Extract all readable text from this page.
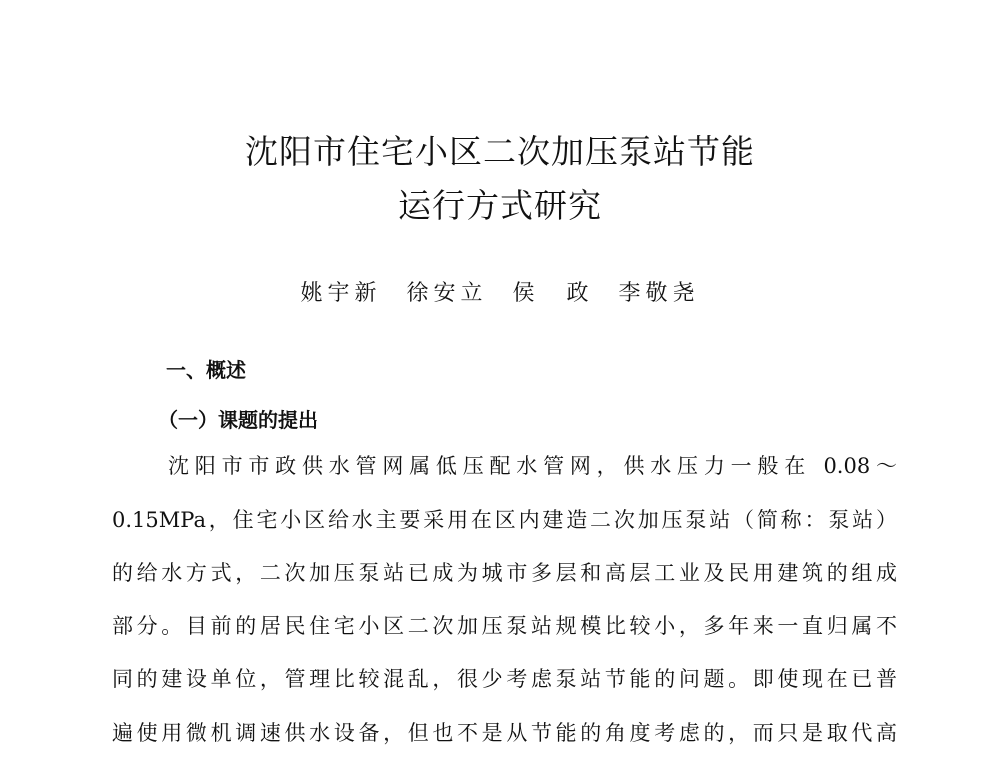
沈阳市住宅小区二次加压泵站节能
运行方式研究
姚宇新 徐安立 侯　政 李敬尧
一、概述
（一）课题的提出
沈阳市市政供水管网属低压配水管网，供水压力一般在 0.08～
0.15MPa，住宅小区给水主要采用在区内建造二次加压泵站（简称：泵站）
的给水方式，二次加压泵站已成为城市多层和高层工业及民用建筑的组成
部分。目前的居民住宅小区二次加压泵站规模比较小，多年来一直归属不
同的建设单位，管理比较混乱，很少考虑泵站节能的问题。即使现在已普
遍使用微机调速供水设备，但也不是从节能的角度考虑的，而只是取代高
